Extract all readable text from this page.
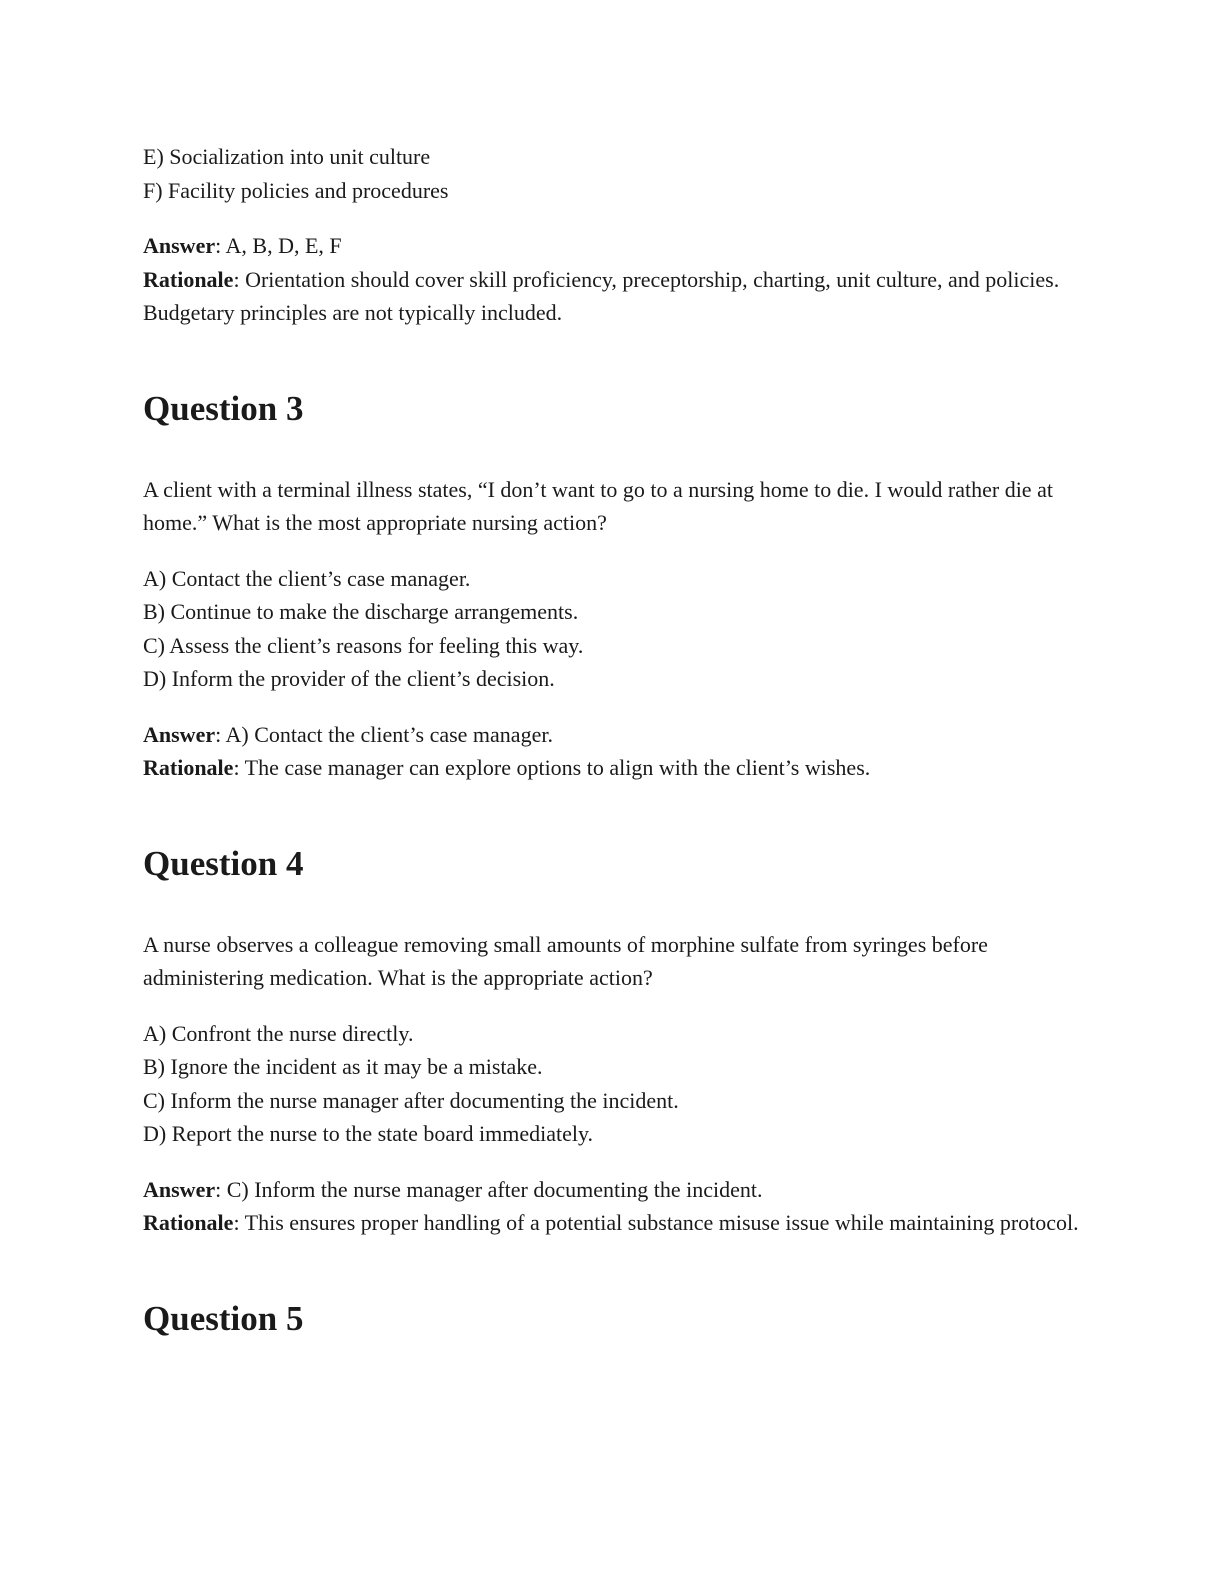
E) Socialization into unit culture

F) Facility policies and procedures

Answer: A, B, D, E, F

Rationale: Orientation should cover skill proficiency, preceptorship, charting, unit culture, and policies. Budgetary principles are not typically included.

Question 3

A client with a terminal illness states, “I don’t want to go to a nursing home to die. I would rather die at home.” What is the most appropriate nursing action?

A) Contact the client’s case manager.

B) Continue to make the discharge arrangements.

C) Assess the client’s reasons for feeling this way.

D) Inform the provider of the client’s decision.

Answer: A) Contact the client’s case manager.

Rationale: The case manager can explore options to align with the client’s wishes.

Question 4

A nurse observes a colleague removing small amounts of morphine sulfate from syringes before administering medication. What is the appropriate action?

A) Confront the nurse directly.

B) Ignore the incident as it may be a mistake.

C) Inform the nurse manager after documenting the incident.

D) Report the nurse to the state board immediately.

Answer: C) Inform the nurse manager after documenting the incident.

Rationale: This ensures proper handling of a potential substance misuse issue while maintaining protocol.

Question 5
